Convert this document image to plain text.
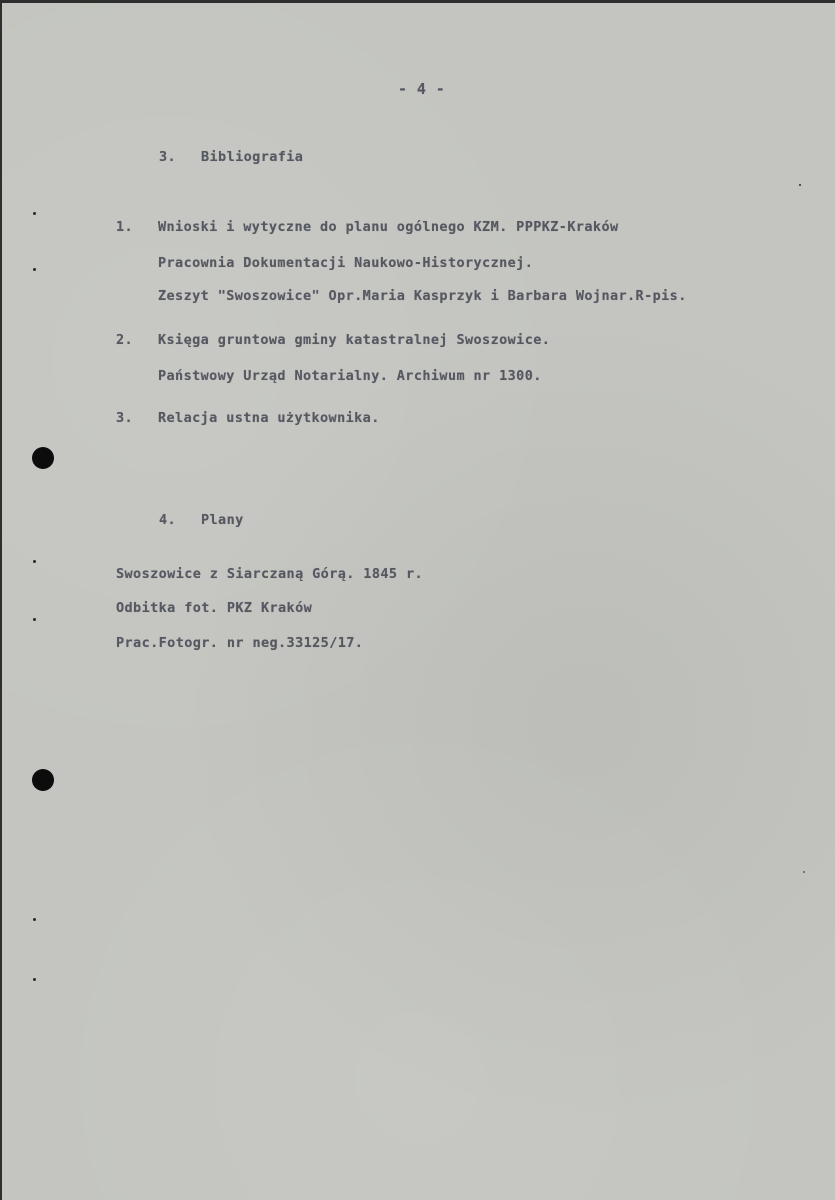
- 4 -
3. Bibliografia
1. Wnioski i wytyczne do planu ogólnego KZM. PPPKZ-Kraków
Pracownia Dokumentacji Naukowo-Historycznej.
Zeszyt "Swoszowice" Opr.Maria Kasprzyk i Barbara Wojnar.R-pis.
2. Księga gruntowa gminy katastralnej Swoszowice.
Państwowy Urząd Notarialny. Archiwum nr 1300.
3. Relacja ustna użytkownika.
4. Plany
Swoszowice z Siarczaną Górą. 1845 r.
Odbitka fot. PKZ Kraków
Prac.Fotogr. nr neg.33125/17.
